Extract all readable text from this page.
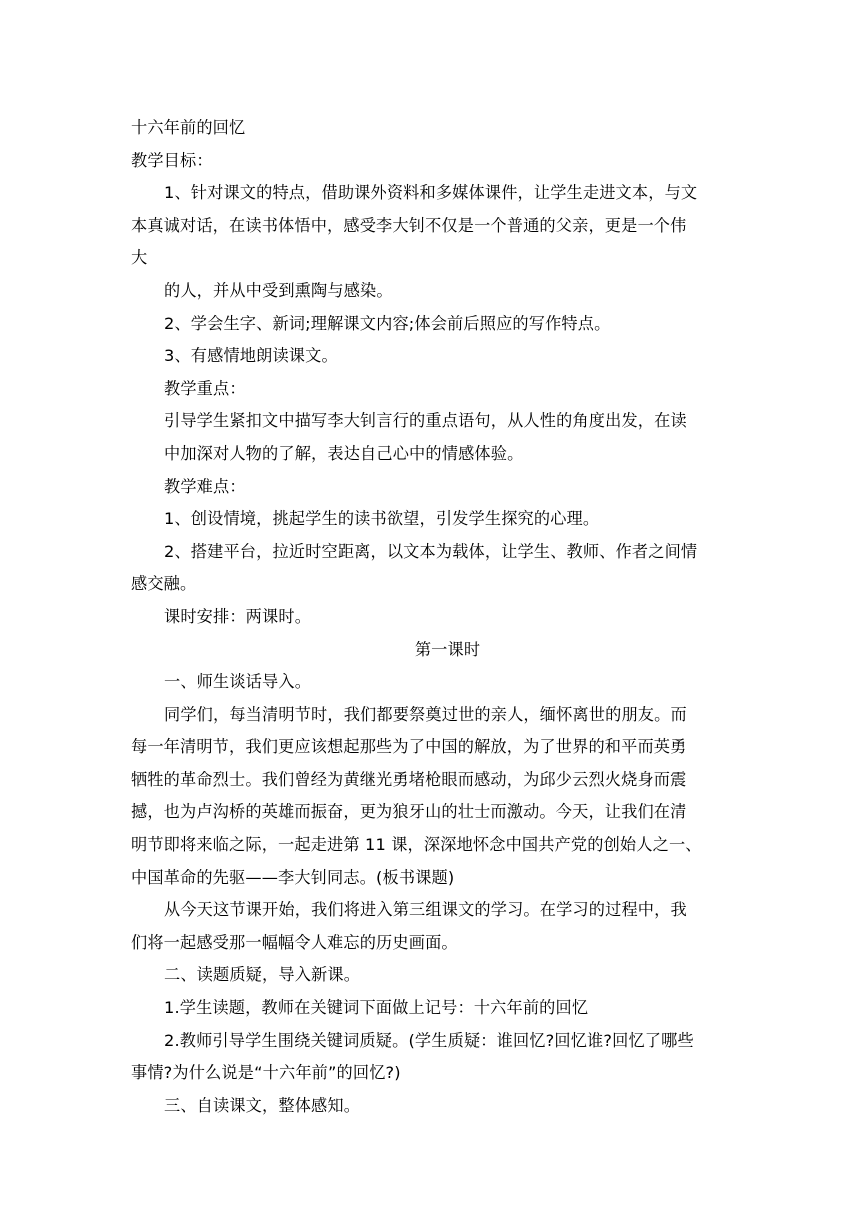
十六年前的回忆

教学目标：

1、针对课文的特点，借助课外资料和多媒体课件，让学生走进文本，与文

本真诚对话，在读书体悟中，感受李大钊不仅是一个普通的父亲，更是一个伟

大

的人，并从中受到熏陶与感染。

2、学会生字、新词;理解课文内容;体会前后照应的写作特点。

3、有感情地朗读课文。

教学重点：

引导学生紧扣文中描写李大钊言行的重点语句，从人性的角度出发，在读

中加深对人物的了解，表达自己心中的情感体验。

教学难点：

1、创设情境，挑起学生的读书欲望，引发学生探究的心理。

2、搭建平台，拉近时空距离，以文本为载体，让学生、教师、作者之间情

感交融。

课时安排：两课时。

第一课时

一、师生谈话导入。

同学们，每当清明节时，我们都要祭奠过世的亲人，缅怀离世的朋友。而

每一年清明节，我们更应该想起那些为了中国的解放，为了世界的和平而英勇

牺牲的革命烈士。我们曾经为黄继光勇堵枪眼而感动，为邱少云烈火烧身而震

撼，也为卢沟桥的英雄而振奋，更为狼牙山的壮士而激动。今天，让我们在清

明节即将来临之际，一起走进第 11 课，深深地怀念中国共产党的创始人之一、

中国革命的先驱——李大钊同志。(板书课题)

从今天这节课开始，我们将进入第三组课文的学习。在学习的过程中，我

们将一起感受那一幅幅令人难忘的历史画面。

二、读题质疑，导入新课。

1.学生读题，教师在关键词下面做上记号：十六年前的回忆

2.教师引导学生围绕关键词质疑。(学生质疑：谁回忆?回忆谁?回忆了哪些

事情?为什么说是“十六年前”的回忆?)

三、自读课文，整体感知。
